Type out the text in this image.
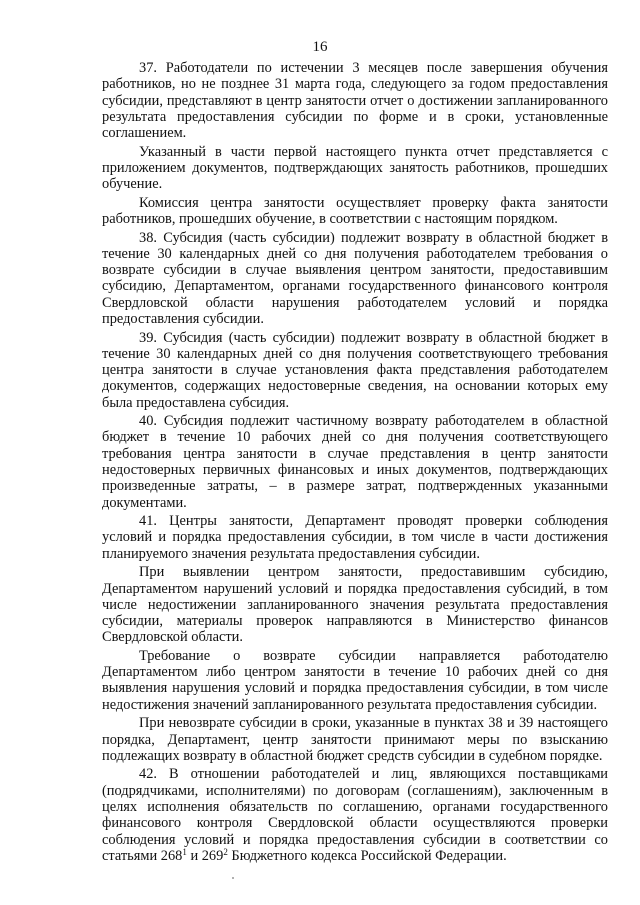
16

37. Работодатели по истечении 3 месяцев после завершения обучения работников, но не позднее 31 марта года, следующего за годом предоставления субсидии, представляют в центр занятости отчет о достижении запланированного результата предоставления субсидии по форме и в сроки, установленные соглашением.

Указанный в части первой настоящего пункта отчет представляется с приложением документов, подтверждающих занятость работников, прошедших обучение.

Комиссия центра занятости осуществляет проверку факта занятости работников, прошедших обучение, в соответствии с настоящим порядком.

38. Субсидия (часть субсидии) подлежит возврату в областной бюджет в течение 30 календарных дней со дня получения работодателем требования о возврате субсидии в случае выявления центром занятости, предоставившим субсидию, Департаментом, органами государственного финансового контроля Свердловской области нарушения работодателем условий и порядка предоставления субсидии.

39. Субсидия (часть субсидии) подлежит возврату в областной бюджет в течение 30 календарных дней со дня получения соответствующего требования центра занятости в случае установления факта представления работодателем документов, содержащих недостоверные сведения, на основании которых ему была предоставлена субсидия.

40. Субсидия подлежит частичному возврату работодателем в областной бюджет в течение 10 рабочих дней со дня получения соответствующего требования центра занятости в случае представления в центр занятости недостоверных первичных финансовых и иных документов, подтверждающих произведенные затраты, – в размере затрат, подтвержденных указанными документами.

41. Центры занятости, Департамент проводят проверки соблюдения условий и порядка предоставления субсидии, в том числе в части достижения планируемого значения результата предоставления субсидии.

При выявлении центром занятости, предоставившим субсидию, Департаментом нарушений условий и порядка предоставления субсидий, в том числе недостижении запланированного значения результата предоставления субсидии, материалы проверок направляются в Министерство финансов Свердловской области.

Требование о возврате субсидии направляется работодателю Департаментом либо центром занятости в течение 10 рабочих дней со дня выявления нарушения условий и порядка предоставления субсидии, в том числе недостижения значений запланированного результата предоставления субсидии.

При невозврате субсидии в сроки, указанные в пунктах 38 и 39 настоящего порядка, Департамент, центр занятости принимают меры по взысканию подлежащих возврату в областной бюджет средств субсидии в судебном порядке.

42. В отношении работодателей и лиц, являющихся поставщиками (подрядчиками, исполнителями) по договорам (соглашениям), заключенным в целях исполнения обязательств по соглашению, органами государственного финансового контроля Свердловской области осуществляются проверки соблюдения условий и порядка предоставления субсидии в соответствии со статьями $268^1$ и $269^2$ Бюджетного кодекса Российской Федерации.
